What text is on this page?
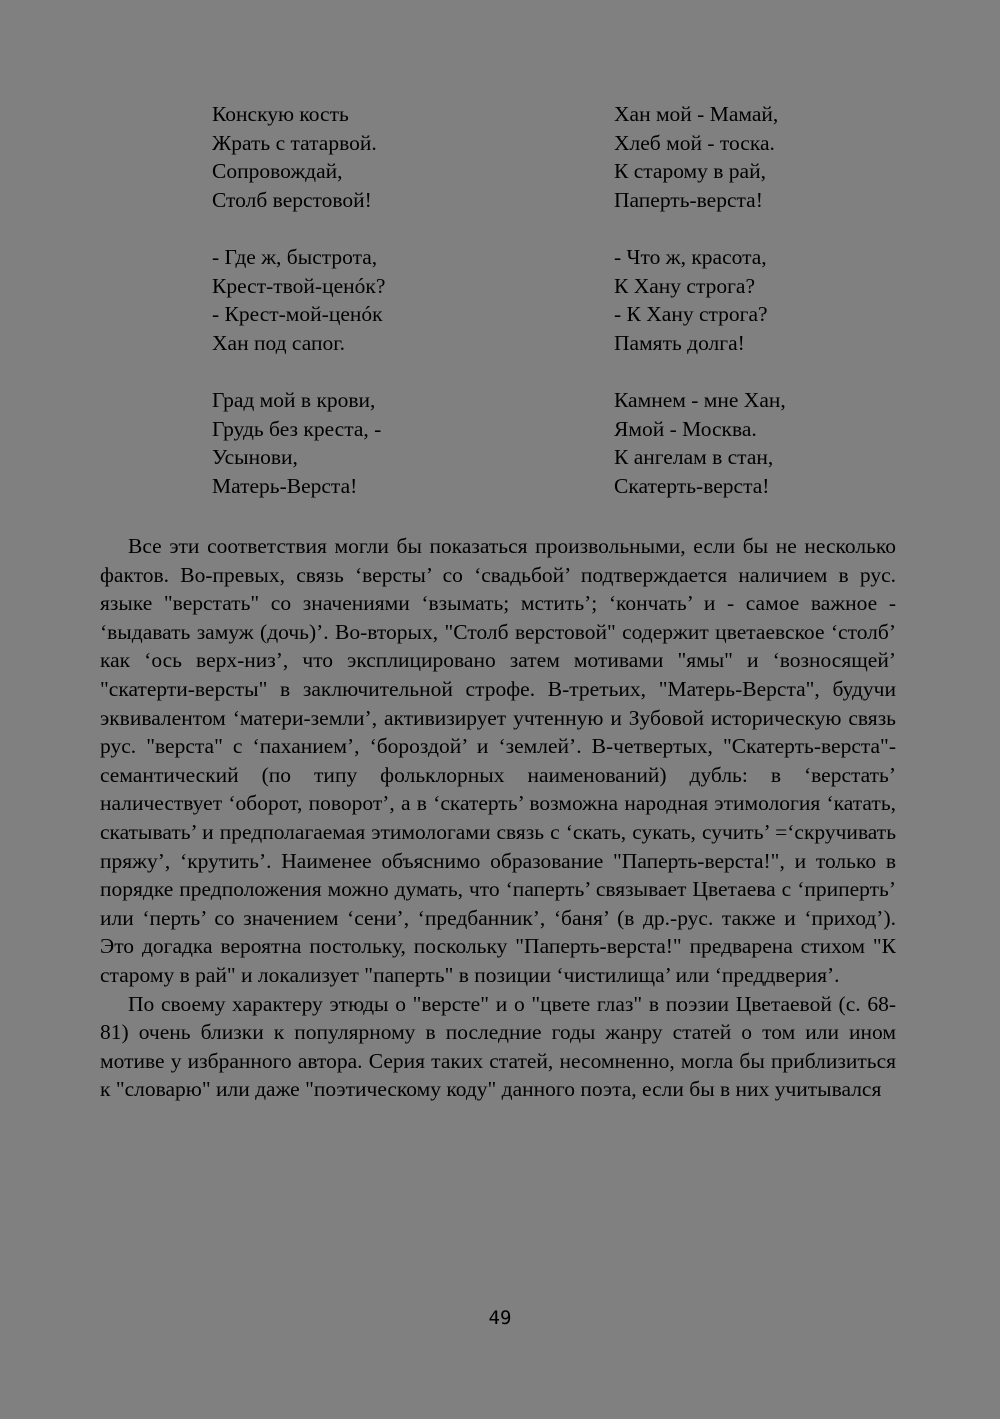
Конскую кость
Жрать с татарвой.
Сопровождай,
Столб верстовой!
- Где ж, быстрота,
Крест-твой-ценóк?
- Крест-мой-ценóк
Хан под сапог.
Град мой в крови,
Грудь без креста, -
Усынови,
Матерь-Верста!
Хан мой - Мамай,
Хлеб мой - тоска.
К старому в рай,
Паперть-верста!
- Что ж, красота,
К Хану строга?
- К Хану строга?
Память долга!
Камнем - мне Хан,
Ямой - Москва.
К ангелам в стан,
Скатерть-верста!

Все эти соответствия могли бы показаться произвольными, если бы не несколько фактов. Во-превых, связь ‘версты’ со ‘свадьбой’ подтверждается наличием в рус. языке "верстать" со значениями ‘взымать; мстить’; ‘кончать’ и - самое важное - ‘выдавать замуж (дочь)’. Во-вторых, "Столб верстовой" содержит цветаевское ‘столб’ как ‘ось верх-низ’, что эксплицировано затем мотивами "ямы" и ‘возносящей’ "скатерти-версты" в заключительной строфе. В-третьих, "Матерь-Верста", будучи эквивалентом ‘матери-земли’, активизирует учтенную и Зубовой историческую связь рус. "верста" с ‘паханием’, ‘бороздой’ и ‘землей’. В-четвертых, "Скатерть-верста"- семантический (по типу фольклорных наименований) дубль: в ‘верстать’ наличествует ‘оборот, поворот’, а в ‘скатерть’ возможна народная этимология ‘катать, скатывать’ и предполагаемая этимологами связь с ‘скать, сукать, сучить’ =‘скручивать пряжу’, ‘крутить’. Наименее объяснимо образование "Паперть-верста!", и только в порядке предположения можно думать, что ‘паперть’ связывает Цветаева с ‘приперть’ или ‘перть’ со значением ‘сени’, ‘предбанник’, ‘баня’ (в др.-рус. также и ‘приход’). Это догадка вероятна постольку, поскольку "Паперть-верста!" предварена стихом "К старому в рай" и локализует "паперть" в позиции ‘чистилища’ или ‘преддверия’.

По своему характеру этюды о "версте" и о "цвете глаз" в поэзии Цветаевой (с. 68-81) очень близки к популярному в последние годы жанру статей о том или ином мотиве у избранного автора. Серия таких статей, несомненно, могла бы приблизиться к "словарю" или даже "поэтическому коду" данного поэта, если бы в них учитывался

49
